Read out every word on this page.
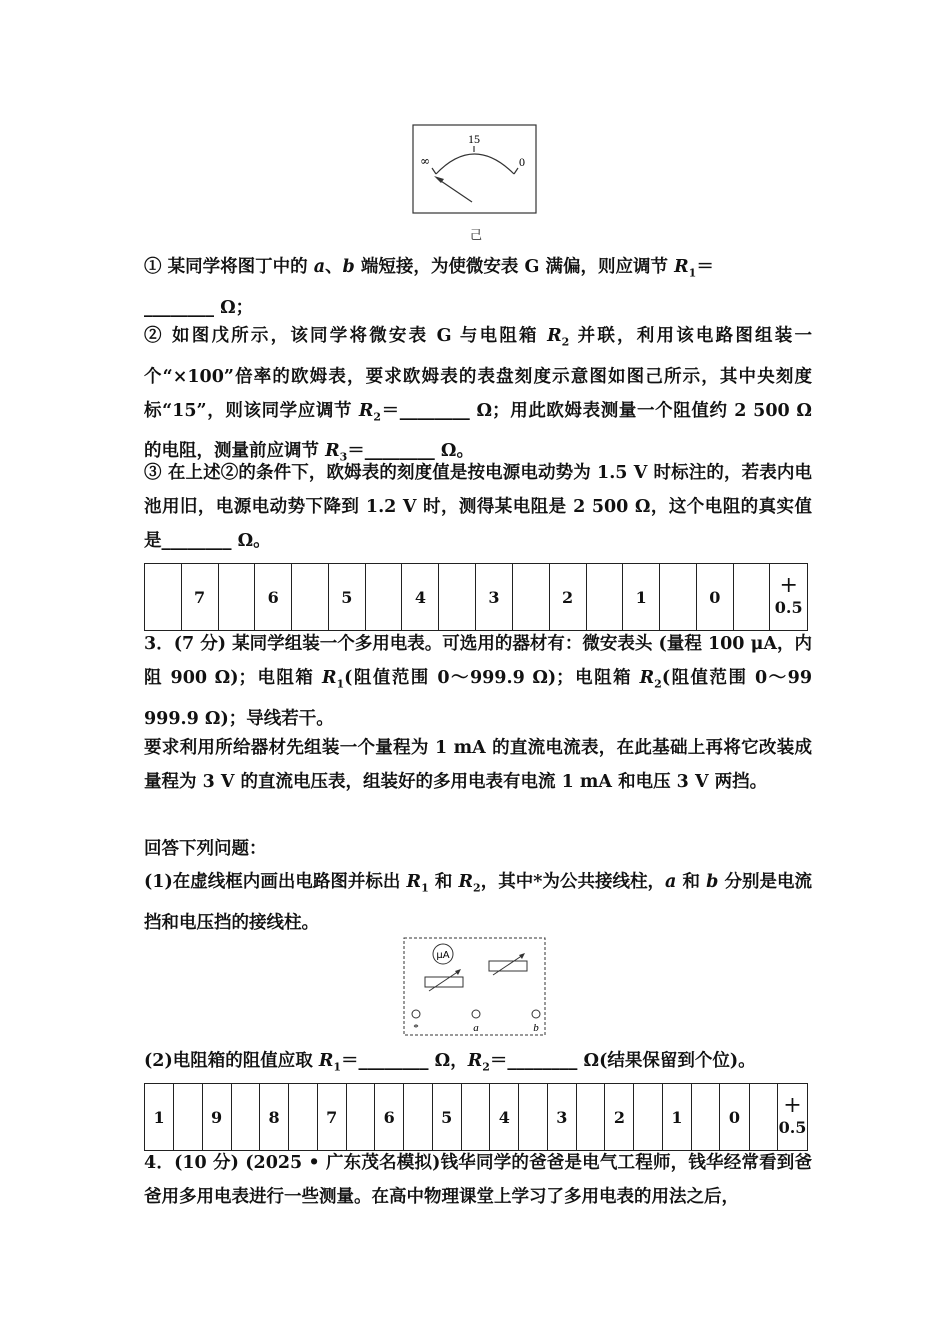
15
∞	0
己

① 某同学将图丁中的 a、b 端短接，为使微安表 G 满偏，则应调节 $R_1=$
________ Ω；

② 如图戊所示，该同学将微安表 G 与电阻箱 $R_2$ 并联，利用该电路图组装一个“×100”倍率的欧姆表，要求欧姆表的表盘刻度示意图如图己所示，其中央刻度标“15”，则该同学应调节 $R_2=\_\_\_\_\_\_\_\_$ Ω；用此欧姆表测量一个阻值约 2 500 Ω 的电阻，测量前应调节 $R_3=\_\_\_\_\_\_\_\_$ Ω。

③ 在上述②的条件下，欧姆表的刻度值是按电源电动势为 1.5 V 时标注的，若表内电池用旧，电源电动势下降到 1.2 V 时，测得某电阻是 2 500 Ω，这个电阻的真实值是________ Ω。

	7		6		5		4		3		2		1		0		+
0.5

3．(7 分) 某同学组装一个多用电表。可选用的器材有：微安表头 (量程 100 μA，内阻 900 Ω)；电阻箱 $R_1$(阻值范围 0～999.9 Ω)；电阻箱 $R_2$(阻值范围 0～99 999.9 Ω)；导线若干。

要求利用所给器材先组装一个量程为 1 mA 的直流电流表，在此基础上再将它改装成量程为 3 V 的直流电压表，组装好的多用电表有电流 1 mA 和电压 3 V 两挡。

回答下列问题：

(1)在虚线框内画出电路图并标出 $R_1$ 和 $R_2$，其中*为公共接线柱，a 和 b 分别是电流挡和电压挡的接线柱。

μA
*	a	b

(2)电阻箱的阻值应取 $R_1=\_\_\_\_\_\_\_\_$ Ω，$R_2=\_\_\_\_\_\_\_\_$ Ω(结果保留到个位)。

1		9		8		7		6		5		4		3		2		1		0		+
0.5

4．(10 分) (2025 • 广东茂名模拟)钱华同学的爸爸是电气工程师，钱华经常看到爸爸用多用电表进行一些测量。在高中物理课堂上学习了多用电表的用法之后，
